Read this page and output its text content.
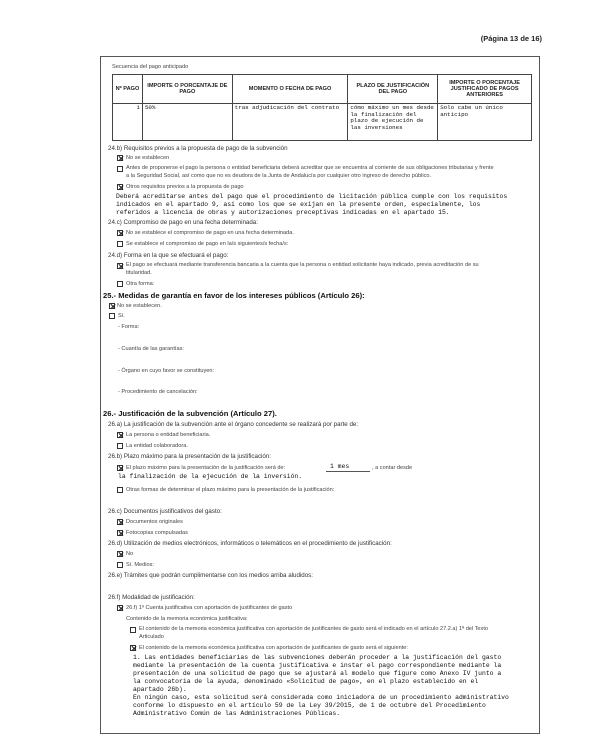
(Página 13 de 16)
Secuencia del pago anticipado
Nº PAGO	IMPORTE O PORCENTAJE DE PAGO	MOMENTO O FECHA DE PAGO	PLAZO DE JUSTIFICACIÓN DEL PAGO	IMPORTE O PORCENTAJE JUSTIFICADO DE PAGOS ANTERIORES
1	50%	tras adjudicación del contrato	cómo máximo un mes desde la finalización del plazo de ejecución de las inversiones	Solo cabe un único anticipo
24.b) Requisitos previos a la propuesta de pago de la subvención
No se establecen
Antes de proponerse el pago la persona o entidad beneficiaria deberá acreditar que se encuentra al corriente de sus obligaciones tributarias y frente
a la Seguridad Social, así como que no es deudora de la Junta de Andalucía por cualquier otro ingreso de derecho público.
Otros requisitos previos a la propuesta de pago
Deberá acreditarse antes del pago que el procedimiento de licitación pública cumple con los requisitos
indicados en el apartado 9, así como los que se exijan en la presente orden, especialmente, los
referidos a licencia de obras y autorizaciones preceptivas indicadas en el apartado 15.
24.c) Compromiso de pago en una fecha determinada:
No se establece el compromiso de pago en una fecha determinada.
Se establece el compromiso de pago en la/s siguientes/s fecha/s:
24.d) Forma en la que se efectuará el pago:
El pago se efectuará mediante transferencia bancaria a la cuenta que la persona o entidad solicitante haya indicado, previa acreditación de su
titularidad.
Otra forma:
25.- Medidas de garantía en favor de los intereses públicos (Artículo 26):
No se establecen.
Sí.
- Forma:
- Cuantía de las garantías:
- Órgano en cuyo favor se constituyen:
- Procedimiento de cancelación:
26.- Justificación de la subvención (Artículo 27).
26.a) La justificación de la subvención ante el órgano concedente se realizará por parte de:
La persona o entidad beneficiaria.
La entidad colaboradora.
26.b) Plazo máximo para la presentación de la justificación:
El plazo máximo para la presentación de la justificación será de:	1 mes	, a contar desde
la finalización de la ejecución de la inversión.
Otras formas de determinar el plazo máximo para la presentación de la justificación:
26.c) Documentos justificativos del gasto:
Documentos originales
Fotocopias compulsadas
26.d) Utilización de medios electrónicos, informáticos o telemáticos en el procedimiento de justificación:
No
Sí. Medios:
26.e) Trámites que podrán cumplimentarse con los medios arriba aludidos:
26.f) Modalidad de justificación:
26.f) 1º Cuenta justificativa con aportación de justificantes de gasto
Contenido de la memoria económica justificativa:
El contenido de la memoria económica justificativa con aportación de justificantes de gasto será el indicado en el artículo 27.2.a) 1ª del Texto
Articulado
El contenido de la memoria económica justificativa con aportación de justificantes de gasto será el siguiente:
1. Las entidades beneficiarias de las subvenciones deberán proceder a la justificación del gasto
mediante la presentación de la cuenta justificativa e instar el pago correspondiente mediante la
presentación de una solicitud de pago que se ajustará al modelo que figure como Anexo IV junto a
la convocatoria de la ayuda, denominado «Solicitud de pago», en el plazo establecido en el
apartado 26b).
En ningún caso, esta solicitud será considerada como iniciadora de un procedimiento administrativo
conforme lo dispuesto en el artículo 59 de la Ley 39/2015, de 1 de octubre del Procedimiento
Administrativo Común de las Administraciones Públicas.
